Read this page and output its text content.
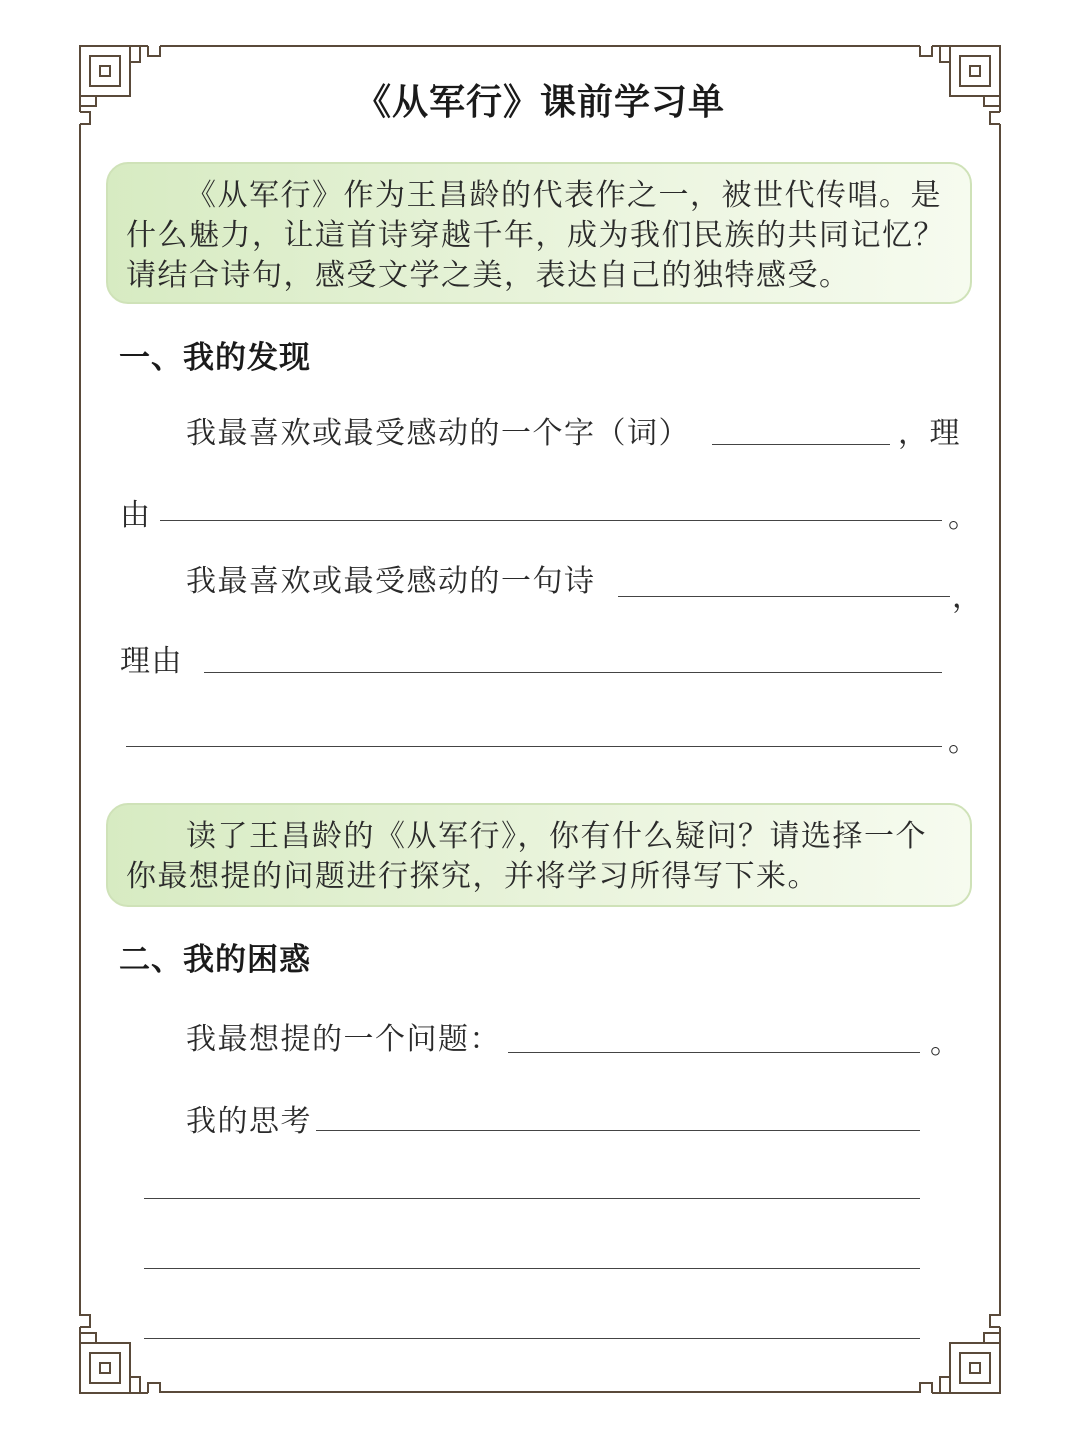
《从军行》课前学习单

《从军行》作为王昌龄的代表作之一，被世代传唱。是什么魅力，让這首诗穿越千年，成为我们民族的共同记忆？请结合诗句，感受文学之美，表达自己的独特感受。

一、我的发现
我最喜欢或最受感动的一个字（词）	，理
由	。
我最喜欢或最受感动的一句诗	，
理由
。

读了王昌龄的《从军行》，你有什么疑问？请选择一个你最想提的问题进行探究，并将学习所得写下来。

二、我的困惑
我最想提的一个问题：	。
我的思考
